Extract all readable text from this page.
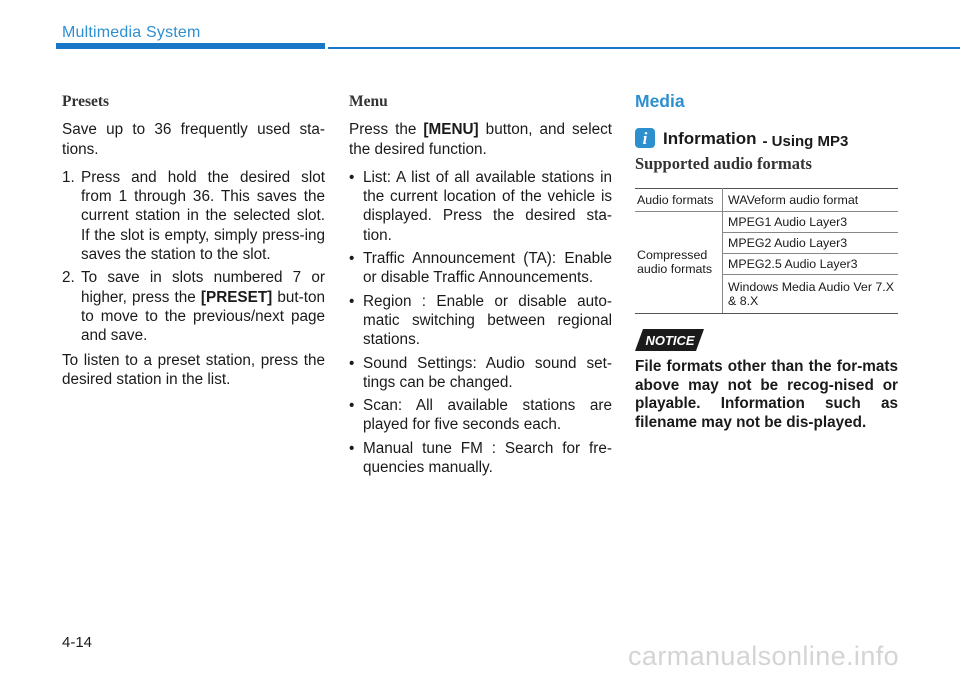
Multimedia System
Presets

Save up to 36 frequently used sta-tions.

1. Press and hold the desired slot from 1 through 36. This saves the current station in the selected slot. If the slot is empty, simply press-ing saves the station to the slot.
2. To save in slots numbered 7 or higher, press the [PRESET] but-ton to move to the previous/next page and save.

To listen to a preset station, press the desired station in the list.

Menu

Press the [MENU] button, and select the desired function.

• List: A list of all available stations in the current location of the vehicle is displayed. Press the desired sta-tion.
• Traffic Announcement (TA): Enable or disable Traffic Announcements.
• Region : Enable or disable auto-matic switching between regional stations.
• Sound Settings: Audio sound set-tings can be changed.
• Scan: All available stations are played for five seconds each.
• Manual tune FM : Search for fre-quencies manually.
Media
i Information - Using MP3
Supported audio formats
Audio formats	WAVeform audio format
Compressed audio formats	MPEG1 Audio Layer3
	MPEG2 Audio Layer3
	MPEG2.5 Audio Layer3
	Windows Media Audio Ver 7.X & 8.X
NOTICE
File formats other than the for-mats above may not be recog-nised or playable. Information such as filename may not be dis-played.
4-14	carmanualsonline.info
